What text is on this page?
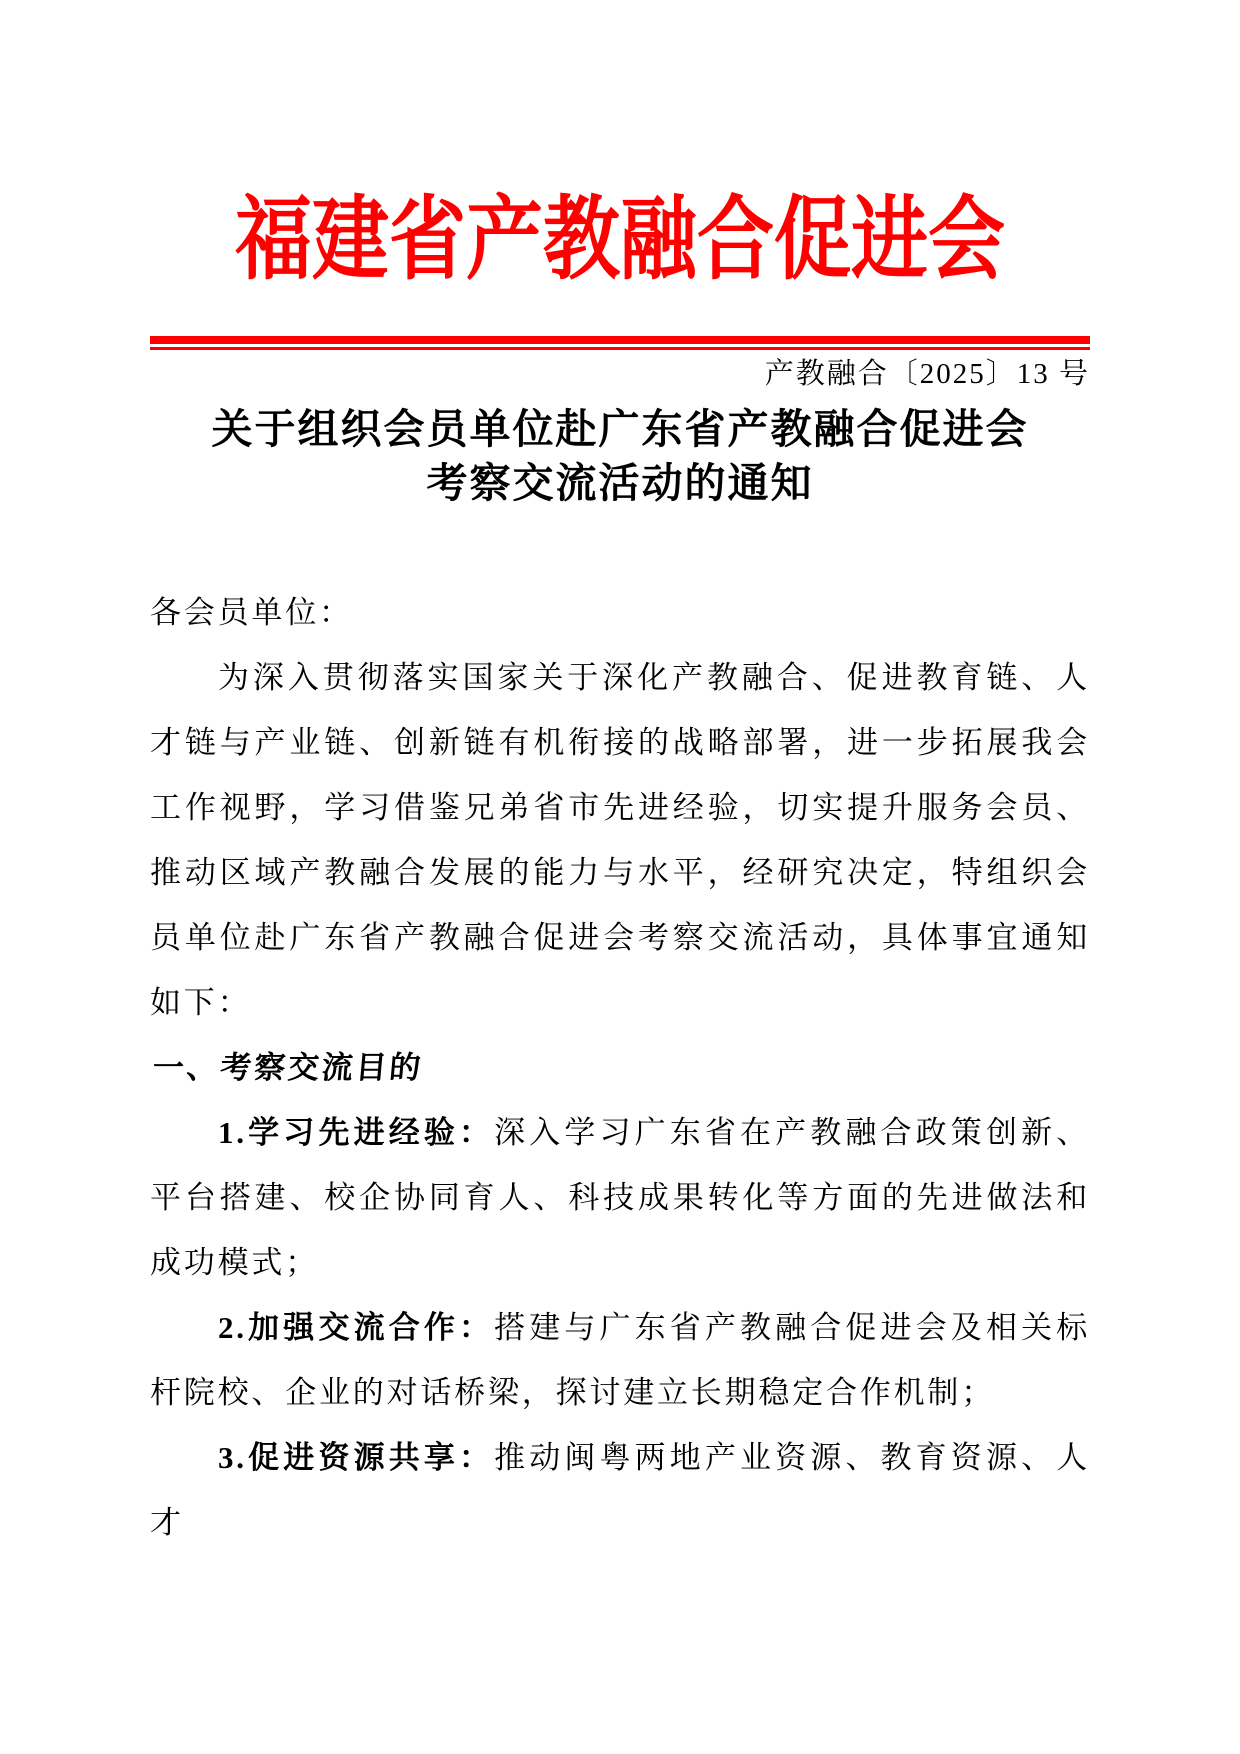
福建省产教融合促进会
产教融合〔2025〕13 号
关于组织会员单位赴广东省产教融合促进会
考察交流活动的通知
各会员单位：

为深入贯彻落实国家关于深化产教融合、促进教育链、人才链与产业链、创新链有机衔接的战略部署，进一步拓展我会工作视野，学习借鉴兄弟省市先进经验，切实提升服务会员、推动区域产教融合发展的能力与水平，经研究决定，特组织会员单位赴广东省产教融合促进会考察交流活动，具体事宜通知如下：

一、考察交流目的

1.学习先进经验：深入学习广东省在产教融合政策创新、平台搭建、校企协同育人、科技成果转化等方面的先进做法和成功模式；

2.加强交流合作：搭建与广东省产教融合促进会及相关标杆院校、企业的对话桥梁，探讨建立长期稳定合作机制；

3.促进资源共享：推动闽粤两地产业资源、教育资源、人才
